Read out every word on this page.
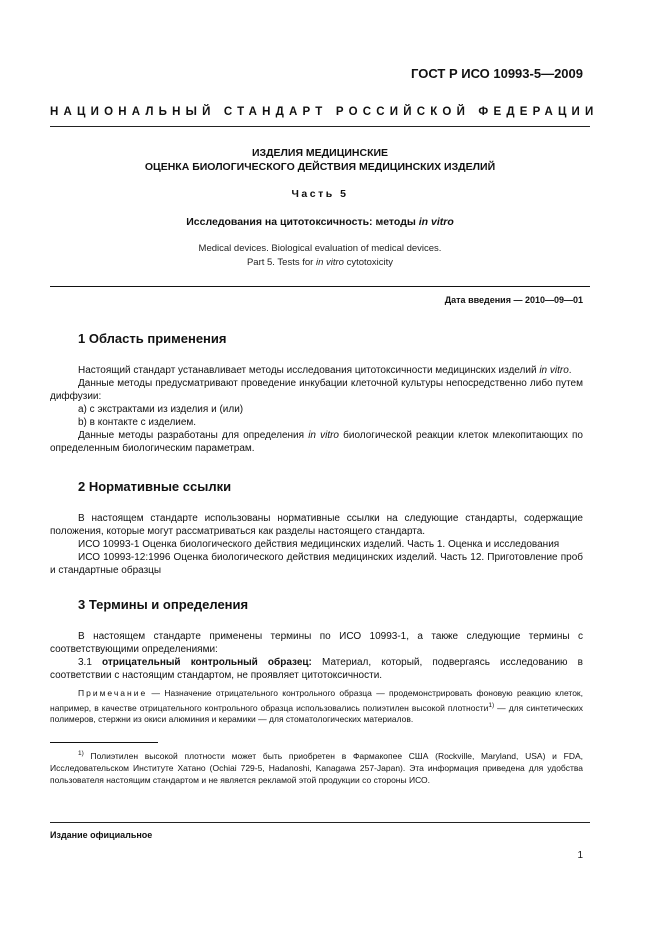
ГОСТ Р ИСО 10993-5—2009
НАЦИОНАЛЬНЫЙ СТАНДАРТ РОССИЙСКОЙ ФЕДЕРАЦИИ
ИЗДЕЛИЯ МЕДИЦИНСКИЕ
ОЦЕНКА БИОЛОГИЧЕСКОГО ДЕЙСТВИЯ МЕДИЦИНСКИХ ИЗДЕЛИЙ
Часть 5
Исследования на цитотоксичность: методы in vitro
Medical devices. Biological evaluation of medical devices.
Part 5. Tests for in vitro cytotoxicity
Дата введения — 2010—09—01
1 Область применения

Настоящий стандарт устанавливает методы исследования цитотоксичности медицинских изделий in vitro.

Данные методы предусматривают проведение инкубации клеточной культуры непосредственно либо путем диффузии:

a) с экстрактами из изделия и (или)

b) в контакте с изделием.

Данные методы разработаны для определения in vitro биологической реакции клеток млекопитающих по определенным биологическим параметрам.

2 Нормативные ссылки

В настоящем стандарте использованы нормативные ссылки на следующие стандарты, содержащие положения, которые могут рассматриваться как разделы настоящего стандарта.

ИСО 10993-1 Оценка биологического действия медицинских изделий. Часть 1. Оценка и исследования

ИСО 10993-12:1996 Оценка биологического действия медицинских изделий. Часть 12. Приготовление проб и стандартные образцы

3 Термины и определения

В настоящем стандарте применены термины по ИСО 10993-1, а также следующие термины с соответствующими определениями:

3.1 отрицательный контрольный образец: Материал, который, подвергаясь исследованию в соответствии с настоящим стандартом, не проявляет цитотоксичности.

Примечание — Назначение отрицательного контрольного образца — продемонстрировать фоновую реакцию клеток, например, в качестве отрицательного контрольного образца использовались полиэтилен высокой плотности$^{1)}$ — для синтетических полимеров, стержни из окиси алюминия и керамики — для стоматологических материалов.

$^{1)}$ Полиэтилен высокой плотности может быть приобретен в Фармакопее США (Rockville, Maryland, USA) и FDA, Исследовательском Институте Хатано (Ochiai 729-5, Hadanoshi, Kanagawa 257-Japan). Эта информация приведена для удобства пользователя настоящим стандартом и не является рекламой этой продукции со стороны ИСО.

Издание официальное
1
